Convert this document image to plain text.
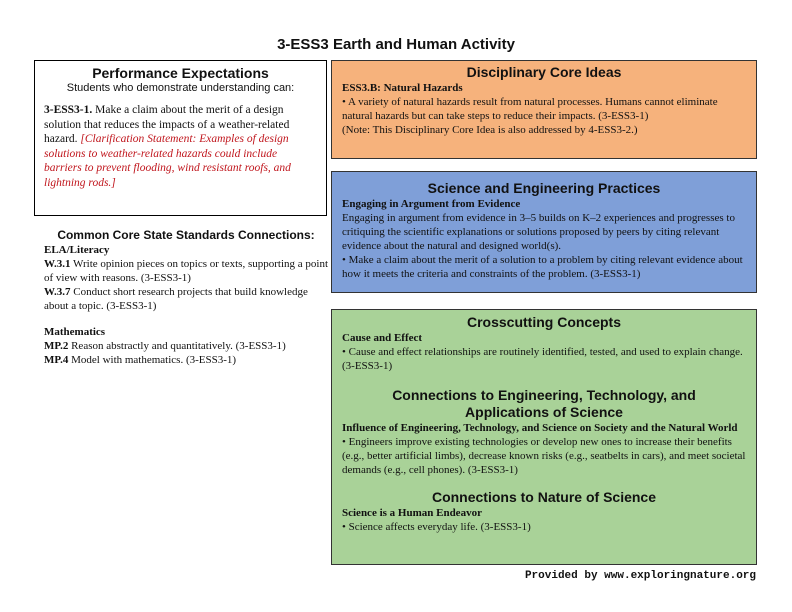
3-ESS3 Earth and Human Activity
Performance Expectations
Students who demonstrate understanding can:
3-ESS3-1. Make a claim about the merit of a design solution that reduces the impacts of a weather-related hazard. [Clarification Statement: Examples of design solutions to weather-related hazards could include barriers to prevent flooding, wind resistant roofs, and lightning rods.]
Common Core State Standards Connections:
ELA/Literacy
W.3.1 Write opinion pieces on topics or texts, supporting a point of view with reasons. (3-ESS3-1)
W.3.7 Conduct short research projects that build knowledge about a topic. (3-ESS3-1)
Mathematics
MP.2 Reason abstractly and quantitatively. (3-ESS3-1)
MP.4 Model with mathematics. (3-ESS3-1)
Disciplinary Core Ideas
ESS3.B: Natural Hazards
• A variety of natural hazards result from natural processes. Humans cannot eliminate natural hazards but can take steps to reduce their impacts. (3-ESS3-1)
(Note: This Disciplinary Core Idea is also addressed by 4-ESS3-2.)
Science and Engineering Practices
Engaging in Argument from Evidence
Engaging in argument from evidence in 3–5 builds on K–2 experiences and progresses to critiquing the scientific explanations or solutions proposed by peers by citing relevant evidence about the natural and designed world(s).
• Make a claim about the merit of a solution to a problem by citing relevant evidence about how it meets the criteria and constraints of the problem. (3-ESS3-1)
Crosscutting Concepts
Cause and Effect
• Cause and effect relationships are routinely identified, tested, and used to explain change. (3-ESS3-1)
Connections to Engineering, Technology, and Applications of Science
Influence of Engineering, Technology, and Science on Society and the Natural World
• Engineers improve existing technologies or develop new ones to increase their benefits (e.g., better artificial limbs), decrease known risks (e.g., seatbelts in cars), and meet societal demands (e.g., cell phones). (3-ESS3-1)
Connections to Nature of Science
Science is a Human Endeavor
• Science affects everyday life. (3-ESS3-1)
Provided by www.exploringnature.org
